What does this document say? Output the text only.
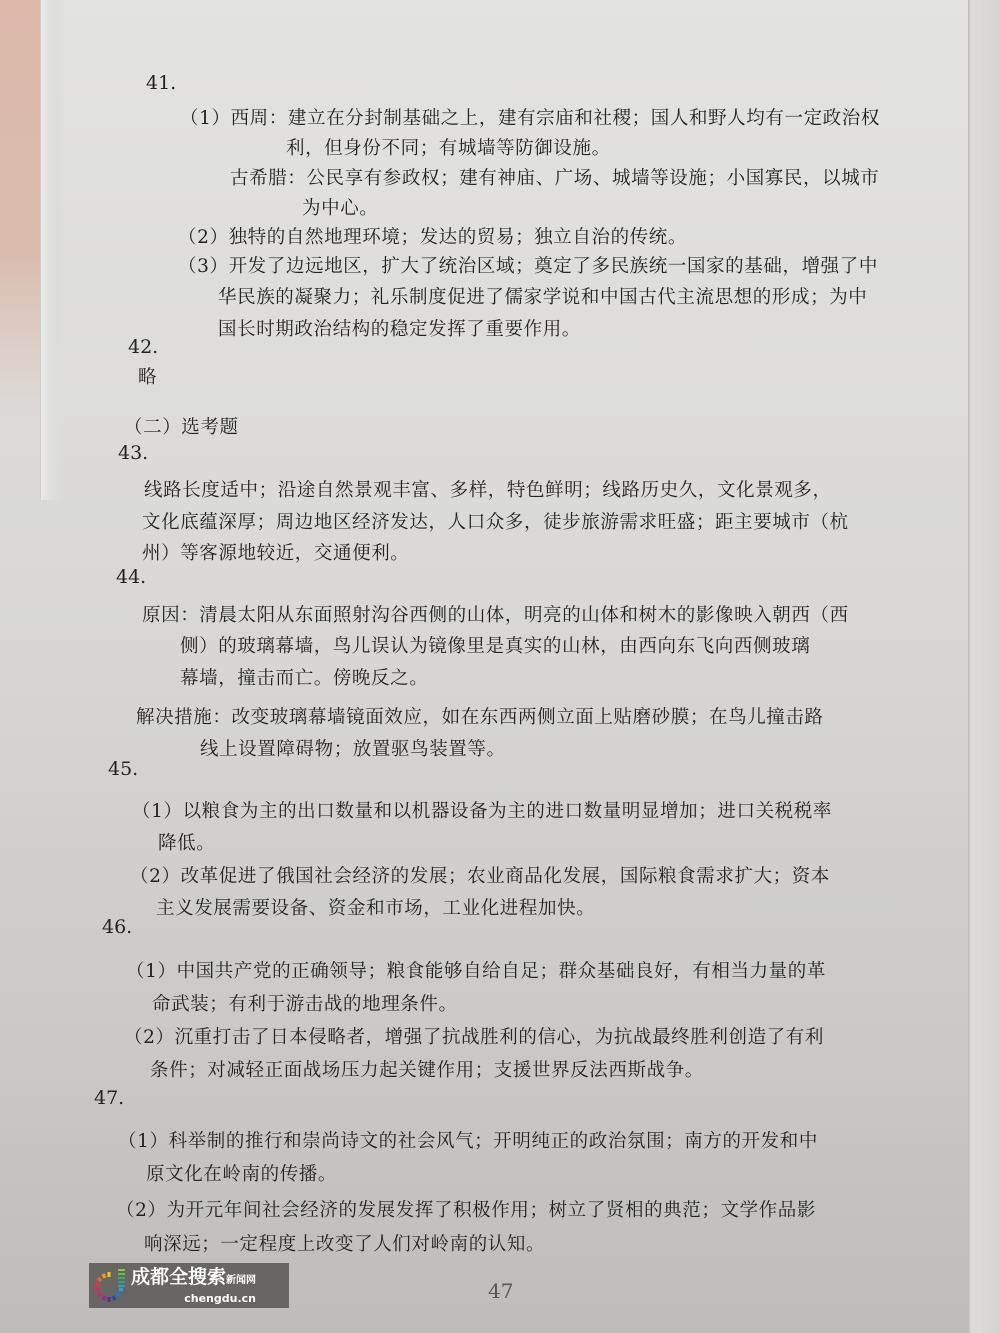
41.
（1）西周：建立在分封制基础之上，建有宗庙和社稷；国人和野人均有一定政治权
利，但身份不同；有城墙等防御设施。
古希腊：公民享有参政权；建有神庙、广场、城墙等设施；小国寡民，以城市
为中心。
（2）独特的自然地理环境；发达的贸易；独立自治的传统。
（3）开发了边远地区，扩大了统治区域；奠定了多民族统一国家的基础，增强了中
华民族的凝聚力；礼乐制度促进了儒家学说和中国古代主流思想的形成；为中
国长时期政治结构的稳定发挥了重要作用。
42.
略
（二）选考题
43.
线路长度适中；沿途自然景观丰富、多样，特色鲜明；线路历史久，文化景观多，
文化底蕴深厚；周边地区经济发达，人口众多，徒步旅游需求旺盛；距主要城市（杭
州）等客源地较近，交通便利。
44.
原因：清晨太阳从东面照射沟谷西侧的山体，明亮的山体和树木的影像映入朝西（西
侧）的玻璃幕墙，鸟儿误认为镜像里是真实的山林，由西向东飞向西侧玻璃
幕墙，撞击而亡。傍晚反之。
解决措施：改变玻璃幕墙镜面效应，如在东西两侧立面上贴磨砂膜；在鸟儿撞击路
线上设置障碍物；放置驱鸟装置等。
45.
（1）以粮食为主的出口数量和以机器设备为主的进口数量明显增加；进口关税税率
降低。
（2）改革促进了俄国社会经济的发展；农业商品化发展，国际粮食需求扩大；资本
主义发展需要设备、资金和市场，工业化进程加快。
46.
（1）中国共产党的正确领导；粮食能够自给自足；群众基础良好，有相当力量的革
命武装；有利于游击战的地理条件。
（2）沉重打击了日本侵略者，增强了抗战胜利的信心，为抗战最终胜利创造了有利
条件；对减轻正面战场压力起关键作用；支援世界反法西斯战争。
47.
（1）科举制的推行和崇尚诗文的社会风气；开明纯正的政治氛围；南方的开发和中
原文化在岭南的传播。
（2）为开元年间社会经济的发展发挥了积极作用；树立了贤相的典范；文学作品影
响深远；一定程度上改变了人们对岭南的认知。
47
成都全搜索新闻网
chengdu.cn
